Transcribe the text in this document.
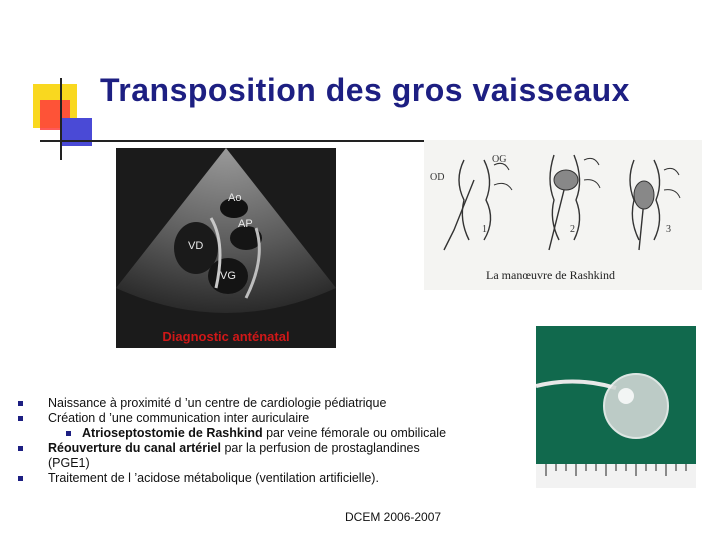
Transposition des gros vaisseaux
Ao
AP
VD
VG
Diagnostic anténatal
OG
OD
1	2	3
La manœuvre de Rashkind
Naissance à proximité d ’un centre de cardiologie pédiatrique
Création d ’une communication inter auriculaire
Atrioseptostomie de Rashkind par veine fémorale ou ombilicale
Réouverture du canal artériel par la perfusion de prostaglandines
(PGE1)
Traitement de l ’acidose métabolique (ventilation artificielle).
DCEM 2006-2007
